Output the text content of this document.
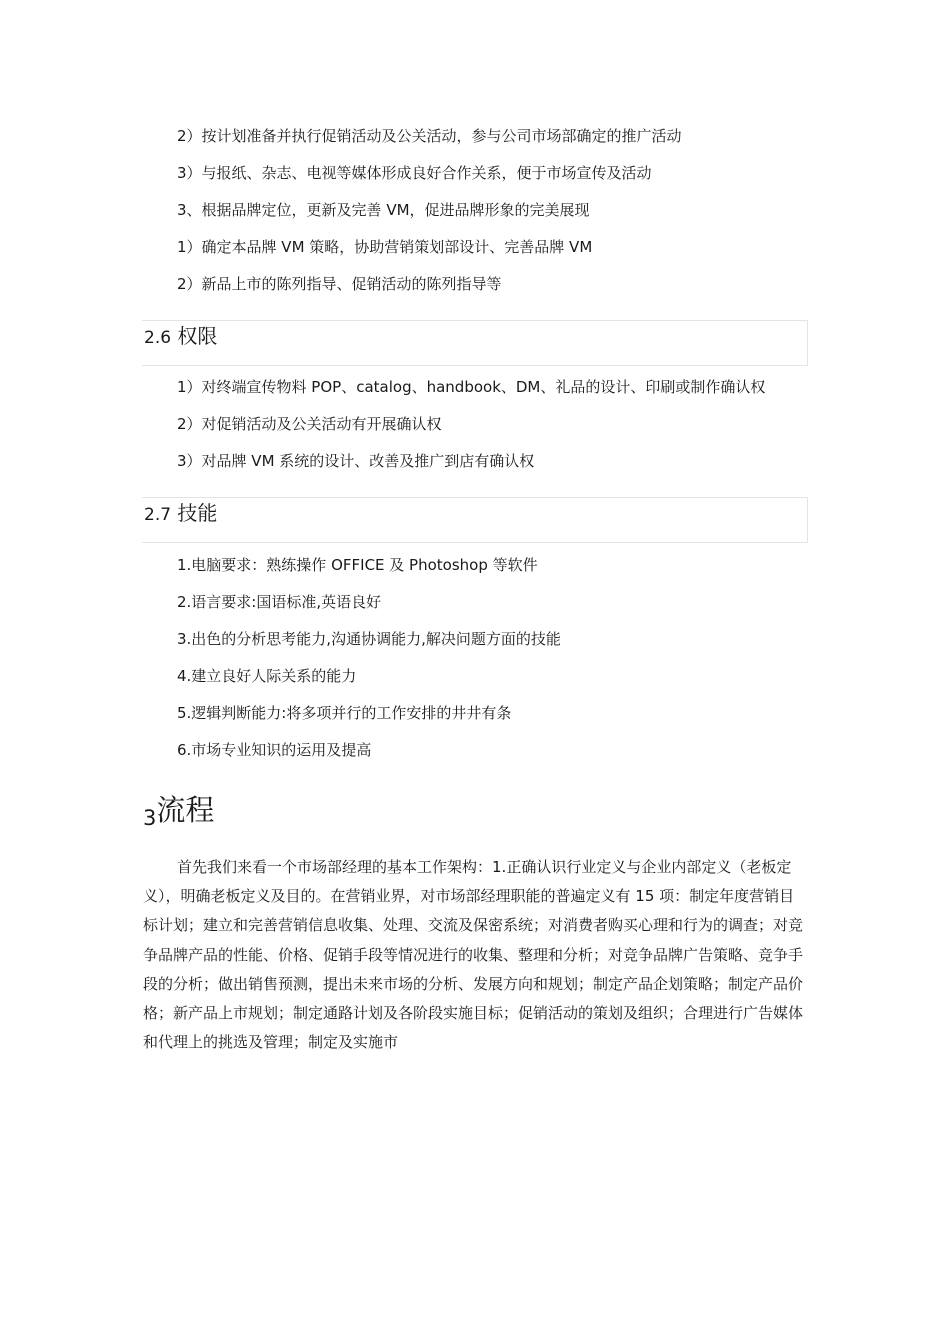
2）按计划准备并执行促销活动及公关活动，参与公司市场部确定的推广活动
3）与报纸、杂志、电视等媒体形成良好合作关系，便于市场宣传及活动
3、根据品牌定位，更新及完善 VM，促进品牌形象的完美展现
1）确定本品牌 VM 策略，协助营销策划部设计、完善品牌 VM
2）新品上市的陈列指导、促销活动的陈列指导等
2.6 权限
1）对终端宣传物料 POP、catalog、handbook、DM、礼品的设计、印刷或制作确认权
2）对促销活动及公关活动有开展确认权
3）对品牌 VM 系统的设计、改善及推广到店有确认权
2.7 技能
1.电脑要求：熟练操作 OFFICE 及 Photoshop 等软件
2.语言要求:国语标准,英语良好
3.出色的分析思考能力,沟通协调能力,解决问题方面的技能
4.建立良好人际关系的能力
5.逻辑判断能力:将多项并行的工作安排的井井有条
6.市场专业知识的运用及提高
3流程

首先我们来看一个市场部经理的基本工作架构：1.正确认识行业定义与企业内部定义（老板定义），明确老板定义及目的。在营销业界，对市场部经理职能的普遍定义有 15 项：制定年度营销目标计划；建立和完善营销信息收集、处理、交流及保密系统；对消费者购买心理和行为的调查；对竞争品牌产品的性能、价格、促销手段等情况进行的收集、整理和分析；对竞争品牌广告策略、竞争手段的分析；做出销售预测，提出未来市场的分析、发展方向和规划；制定产品企划策略；制定产品价格；新产品上市规划；制定通路计划及各阶段实施目标；促销活动的策划及组织；合理进行广告媒体和代理上的挑选及管理；制定及实施市
